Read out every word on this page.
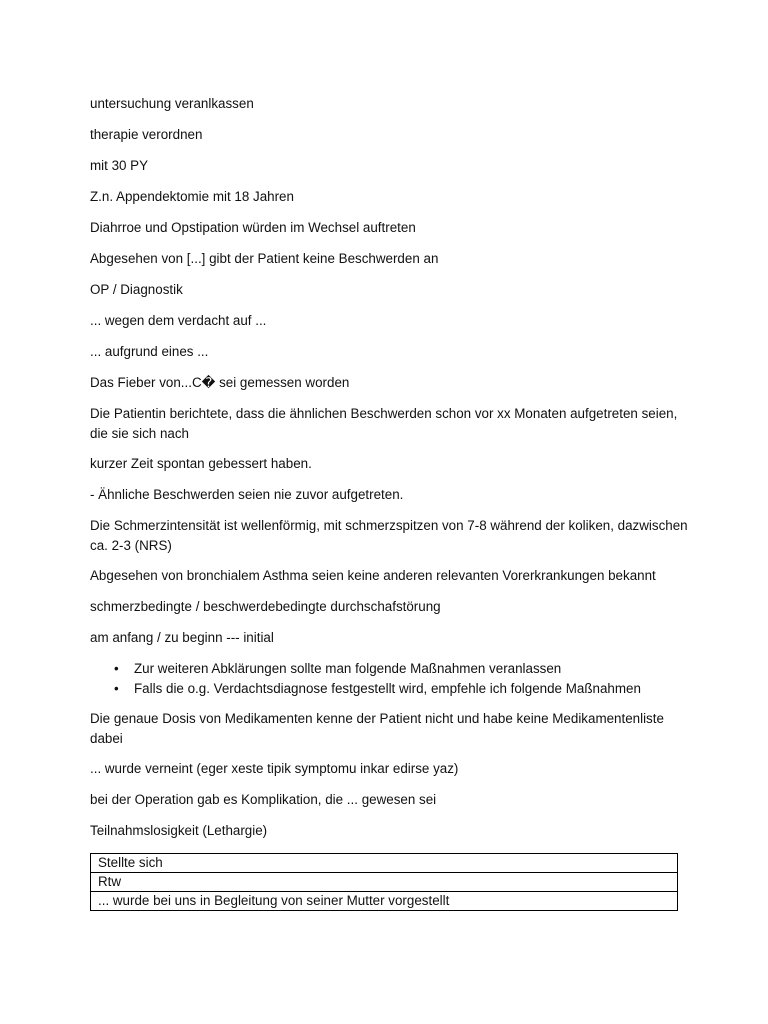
untersuchung veranlkassen

therapie verordnen

mit 30 PY

Z.n. Appendektomie mit 18 Jahren

Diahrroe und Opstipation würden im Wechsel auftreten

Abgesehen von [...] gibt der Patient keine Beschwerden an

OP / Diagnostik

... wegen dem verdacht auf ...

... aufgrund eines ...

Das Fieber von...C� sei gemessen worden

Die Patientin berichtete, dass die ähnlichen Beschwerden schon vor xx Monaten aufgetreten seien, die sie sich nach

kurzer Zeit spontan gebessert haben.

- Ähnliche Beschwerden seien nie zuvor aufgetreten.

Die Schmerzintensität ist wellenförmig, mit schmerzspitzen von 7-8 während der koliken, dazwischen ca. 2-3 (NRS)

Abgesehen von bronchialem Asthma seien keine anderen relevanten Vorerkrankungen bekannt

schmerzbedingte / beschwerdebedingte durchschafstörung

am anfang / zu beginn --- initial

• Zur weiteren Abklärungen sollte man folgende Maßnahmen veranlassen
• Falls die o.g. Verdachtsdiagnose festgestellt wird, empfehle ich folgende Maßnahmen

Die genaue Dosis von Medikamenten kenne der Patient nicht und habe keine Medikamentenliste dabei

... wurde verneint (eger xeste tipik symptomu inkar edirse yaz)

bei der Operation gab es Komplikation, die ... gewesen sei

Teilnahmslosigkeit (Lethargie)

Stellte sich
Rtw
... wurde bei uns in Begleitung von seiner Mutter vorgestellt
